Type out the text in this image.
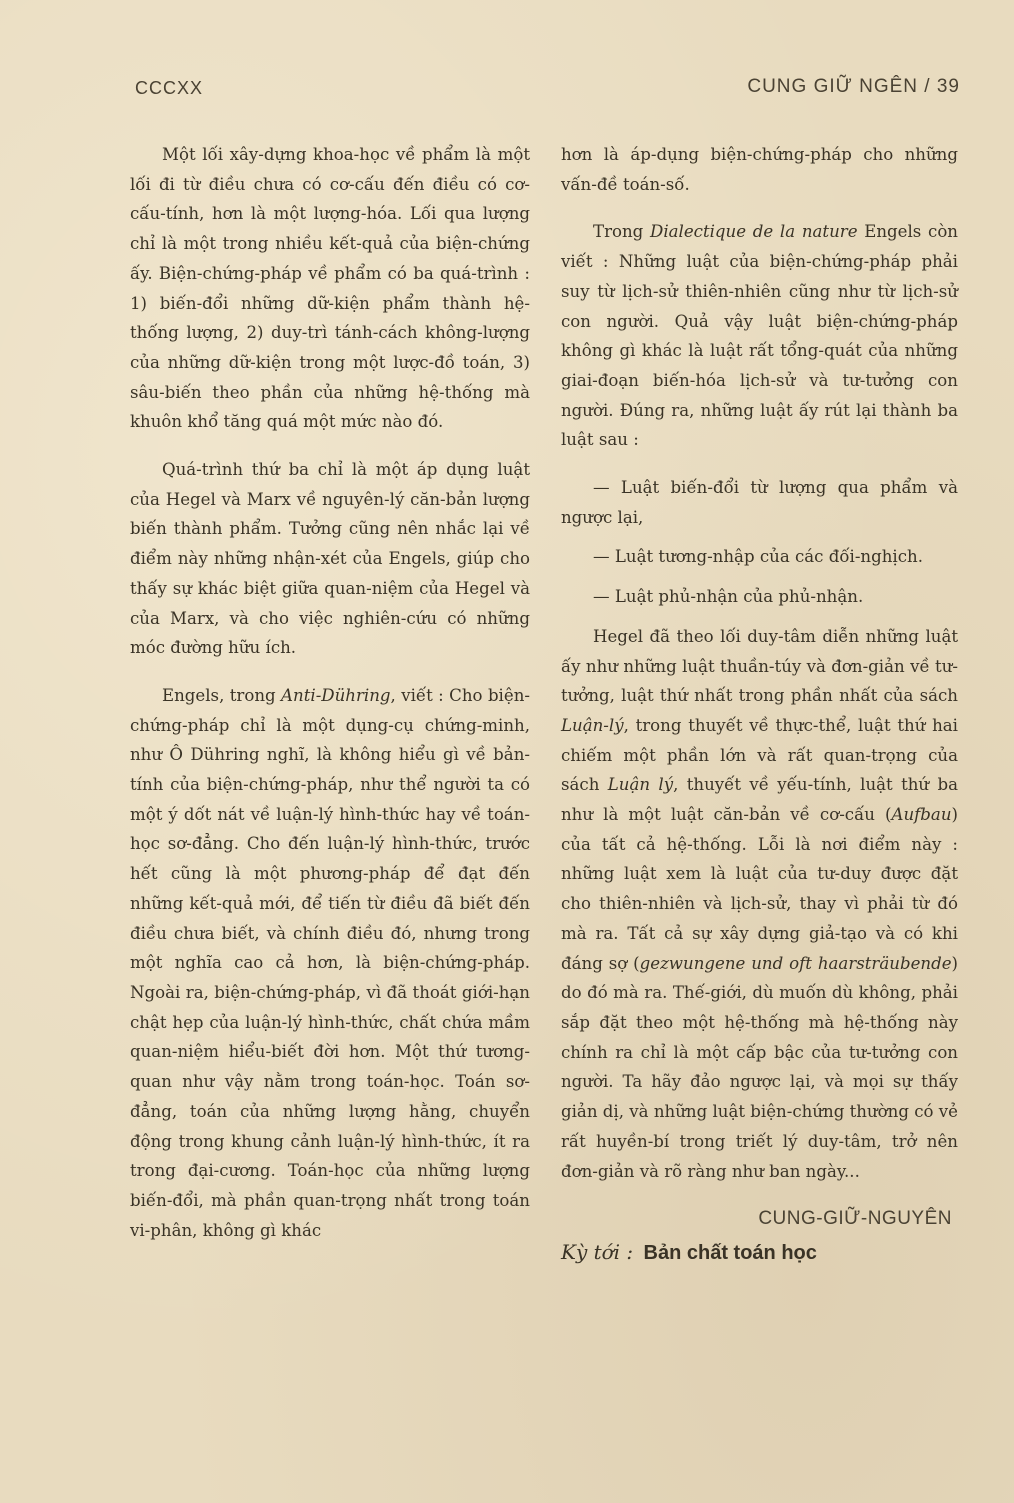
CCCXX	CUNG GIỮ NGÊN / 39

Một lối xây-dựng khoa-học về phẩm là một lối đi từ điều chưa có cơ-cấu đến điều có cơ-cấu-tính, hơn là một lượng-hóa. Lối qua lượng chỉ là một trong nhiều kết-quả của biện-chứng ấy. Biện-chứng-pháp về phẩm có ba quá-trình : 1) biến-đổi những dữ-kiện phẩm thành hệ-thống lượng, 2) duy-trì tánh-cách không-lượng của những dữ-kiện trong một lược-đồ toán, 3) sâu-biến theo phần của những hệ-thống mà khuôn khổ tăng quá một mức nào đó.

Quá-trình thứ ba chỉ là một áp dụng luật của Hegel và Marx về nguyên-lý căn-bản lượng biến thành phẩm. Tưởng cũng nên nhắc lại về điểm này những nhận-xét của Engels, giúp cho thấy sự khác biệt giữa quan-niệm của Hegel và của Marx, và cho việc nghiên-cứu có những móc đường hữu ích.

Engels, trong Anti-Dühring, viết : Cho biện-chứng-pháp chỉ là một dụng-cụ chứng-minh, như Ô Dühring nghĩ, là không hiểu gì về bản-tính của biện-chứng-pháp, như thể người ta có một ý dốt nát về luận-lý hình-thức hay về toán-học sơ-đẳng. Cho đến luận-lý hình-thức, trước hết cũng là một phương-pháp để đạt đến những kết-quả mới, để tiến từ điều đã biết đến điều chưa biết, và chính điều đó, nhưng trong một nghĩa cao cả hơn, là biện-chứng-pháp. Ngoài ra, biện-chứng-pháp, vì đã thoát giới-hạn chật hẹp của luận-lý hình-thức, chất chứa mầm quan-niệm hiểu-biết đời hơn. Một thứ tương-quan như vậy nằm trong toán-học. Toán sơ-đẳng, toán của những lượng hằng, chuyển động trong khung cảnh luận-lý hình-thức, ít ra trong đại-cương. Toán-học của những lượng biến-đổi, mà phần quan-trọng nhất trong toán vi-phân, không gì khác

hơn là áp-dụng biện-chứng-pháp cho những vấn-đề toán-số.

Trong Dialectique de la nature Engels còn viết : Những luật của biện-chứng-pháp phải suy từ lịch-sử thiên-nhiên cũng như từ lịch-sử con người. Quả vậy luật biện-chứng-pháp không gì khác là luật rất tổng-quát của những giai-đoạn biến-hóa lịch-sử và tư-tưởng con người. Đúng ra, những luật ấy rút lại thành ba luật sau :

— Luật biến-đổi từ lượng qua phẩm và ngược lại,

— Luật tương-nhập của các đối-nghịch.

— Luật phủ-nhận của phủ-nhận.

Hegel đã theo lối duy-tâm diễn những luật ấy như những luật thuần-túy và đơn-giản về tư-tưởng, luật thứ nhất trong phần nhất của sách Luận-lý, trong thuyết về thực-thể, luật thứ hai chiếm một phần lớn và rất quan-trọng của sách Luận lý, thuyết về yếu-tính, luật thứ ba như là một luật căn-bản về cơ-cấu (Aufbau) của tất cả hệ-thống. Lỗi là nơi điểm này : những luật xem là luật của tư-duy được đặt cho thiên-nhiên và lịch-sử, thay vì phải từ đó mà ra. Tất cả sự xây dựng giả-tạo và có khi đáng sợ (gezwungene und oft haarsträubende) do đó mà ra. Thế-giới, dù muốn dù không, phải sắp đặt theo một hệ-thống mà hệ-thống này chính ra chỉ là một cấp bậc của tư-tưởng con người. Ta hãy đảo ngược lại, và mọi sự thấy giản dị, và những luật biện-chứng thường có vẻ rất huyền-bí trong triết lý duy-tâm, trở nên đơn-giản và rõ ràng như ban ngày...

CUNG-GIỮ-NGUYÊN
Kỳ tới : Bản chất toán học
